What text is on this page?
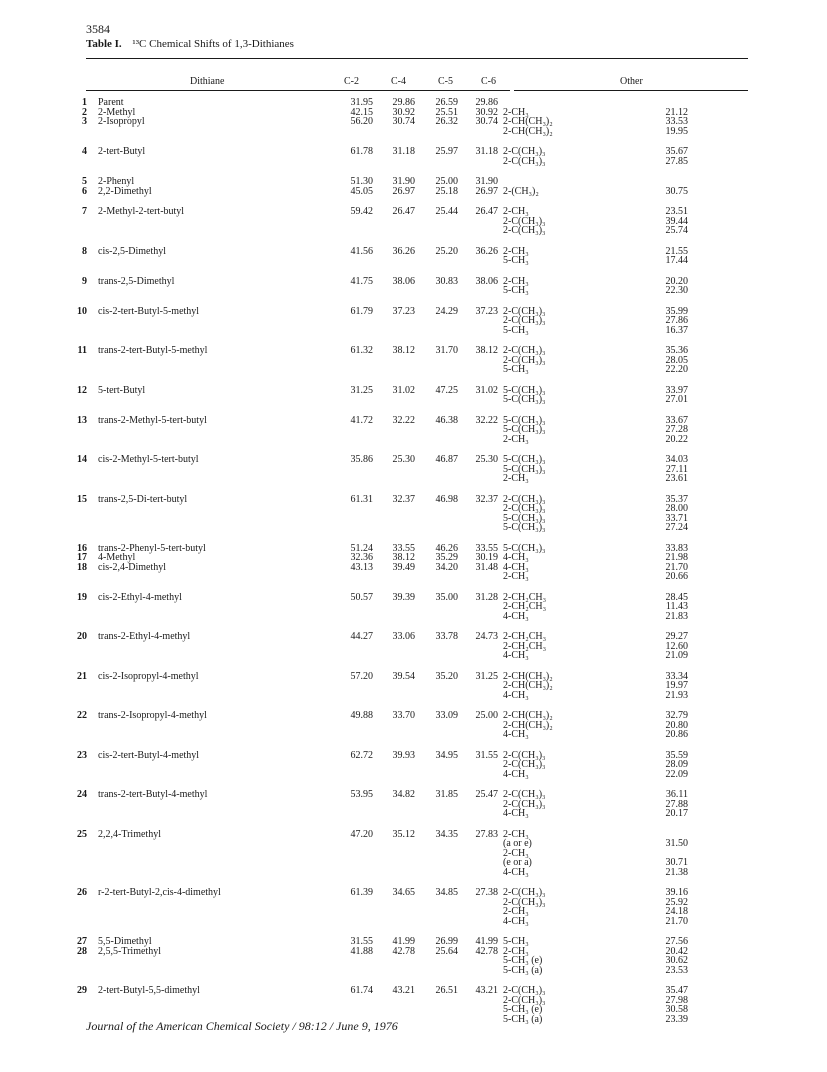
3584
Table I. ¹³C Chemical Shifts of 1,3-Dithianes
Dithiane	C-2	C-4	C-5	C-6	Other
1	Parent	31.95	29.86	26.59	29.86
2	2-Methyl	42.15	30.92	25.51	30.92 2-CH₃	21.12
3	2-Isopropyl	56.20	30.74	26.32	30.74 2-CH(CH₃)₂	33.53
2-CH(CH₃)₂	19.95
4	2-tert-Butyl	61.78	31.18	25.97	31.18 2-C(CH₃)₃	35.67
2-C(CH₃)₃	27.85
5	2-Phenyl	51.30	31.90	25.00	31.90
6	2,2-Dimethyl	45.05	26.97	25.18	26.97 2-(CH₃)₂	30.75
7	2-Methyl-2-tert-butyl	59.42	26.47	25.44	26.47 2-CH₃	23.51
2-C(CH₃)₃	39.44
2-C(CH₃)₃	25.74
8	cis-2,5-Dimethyl	41.56	36.26	25.20	36.26 2-CH₃	21.55
5-CH₃	17.44
9	trans-2,5-Dimethyl	41.75	38.06	30.83	38.06 2-CH₃	20.20
5-CH₃	22.30
10	cis-2-tert-Butyl-5-methyl	61.79	37.23	24.29	37.23 2-C(CH₃)₃	35.99
2-C(CH₃)₃	27.86
5-CH₃	16.37
11	trans-2-tert-Butyl-5-methyl	61.32	38.12	31.70	38.12 2-C(CH₃)₃	35.36
2-C(CH₃)₃	28.05
5-CH₃	22.20
12	5-tert-Butyl	31.25	31.02	47.25	31.02 5-C(CH₃)₃	33.97
5-C(CH₃)₃	27.01
13	trans-2-Methyl-5-tert-butyl	41.72	32.22	46.38	32.22 5-C(CH₃)₃	33.67
5-C(CH₃)₃	27.28
2-CH₃	20.22
14	cis-2-Methyl-5-tert-butyl	35.86	25.30	46.87	25.30 5-C(CH₃)₃	34.03
5-C(CH₃)₃	27.11
2-CH₃	23.61
15	trans-2,5-Di-tert-butyl	61.31	32.37	46.98	32.37 2-C(CH₃)₃	35.37
2-C(CH₃)₃	28.00
5-C(CH₃)₃	33.71
5-C(CH₃)₃	27.24
16	trans-2-Phenyl-5-tert-butyl	51.24	33.55	46.26	33.55 5-C(CH₃)₃	33.83
17	4-Methyl	32.36	38.12	35.29	30.19 4-CH₃	21.98
18	cis-2,4-Dimethyl	43.13	39.49	34.20	31.48 4-CH₃	21.70
2-CH₃	20.66
19	cis-2-Ethyl-4-methyl	50.57	39.39	35.00	31.28 2-CH₂CH₃	28.45
2-CH₂CH₃	11.43
4-CH₃	21.83
20	trans-2-Ethyl-4-methyl	44.27	33.06	33.78	24.73 2-CH₂CH₃	29.27
2-CH₂CH₃	12.60
4-CH₃	21.09
21	cis-2-Isopropyl-4-methyl	57.20	39.54	35.20	31.25 2-CH(CH₃)₂	33.34
2-CH(CH₃)₂	19.97
4-CH₃	21.93
22	trans-2-Isopropyl-4-methyl	49.88	33.70	33.09	25.00 2-CH(CH₃)₂	32.79
2-CH(CH₃)₂	20.80
4-CH₃	20.86
23	cis-2-tert-Butyl-4-methyl	62.72	39.93	34.95	31.55 2-C(CH₃)₃	35.59
2-C(CH₃)₃	28.09
4-CH₃	22.09
24	trans-2-tert-Butyl-4-methyl	53.95	34.82	31.85	25.47 2-C(CH₃)₃	36.11
2-C(CH₃)₃	27.88
4-CH₃	20.17
25	2,2,4-Trimethyl	47.20	35.12	34.35	27.83 2-CH₃
(a or e)	31.50
2-CH₃
(e or a)	30.71
4-CH₃	21.38
26	r-2-tert-Butyl-2,cis-4-dimethyl	61.39	34.65	34.85	27.38 2-C(CH₃)₃	39.16
2-C(CH₃)₃	25.92
2-CH₃	24.18
4-CH₃	21.70
27	5,5-Dimethyl	31.55	41.99	26.99	41.99 5-CH₃	27.56
28	2,5,5-Trimethyl	41.88	42.78	25.64	42.78 2-CH₃	20.42
5-CH₃ (e)	30.62
5-CH₃ (a)	23.53
29	2-tert-Butyl-5,5-dimethyl	61.74	43.21	26.51	43.21 2-C(CH₃)₃	35.47
2-C(CH₃)₃	27.98
5-CH₃ (e)	30.58
5-CH₃ (a)	23.39
Journal of the American Chemical Society / 98:12 / June 9, 1976
